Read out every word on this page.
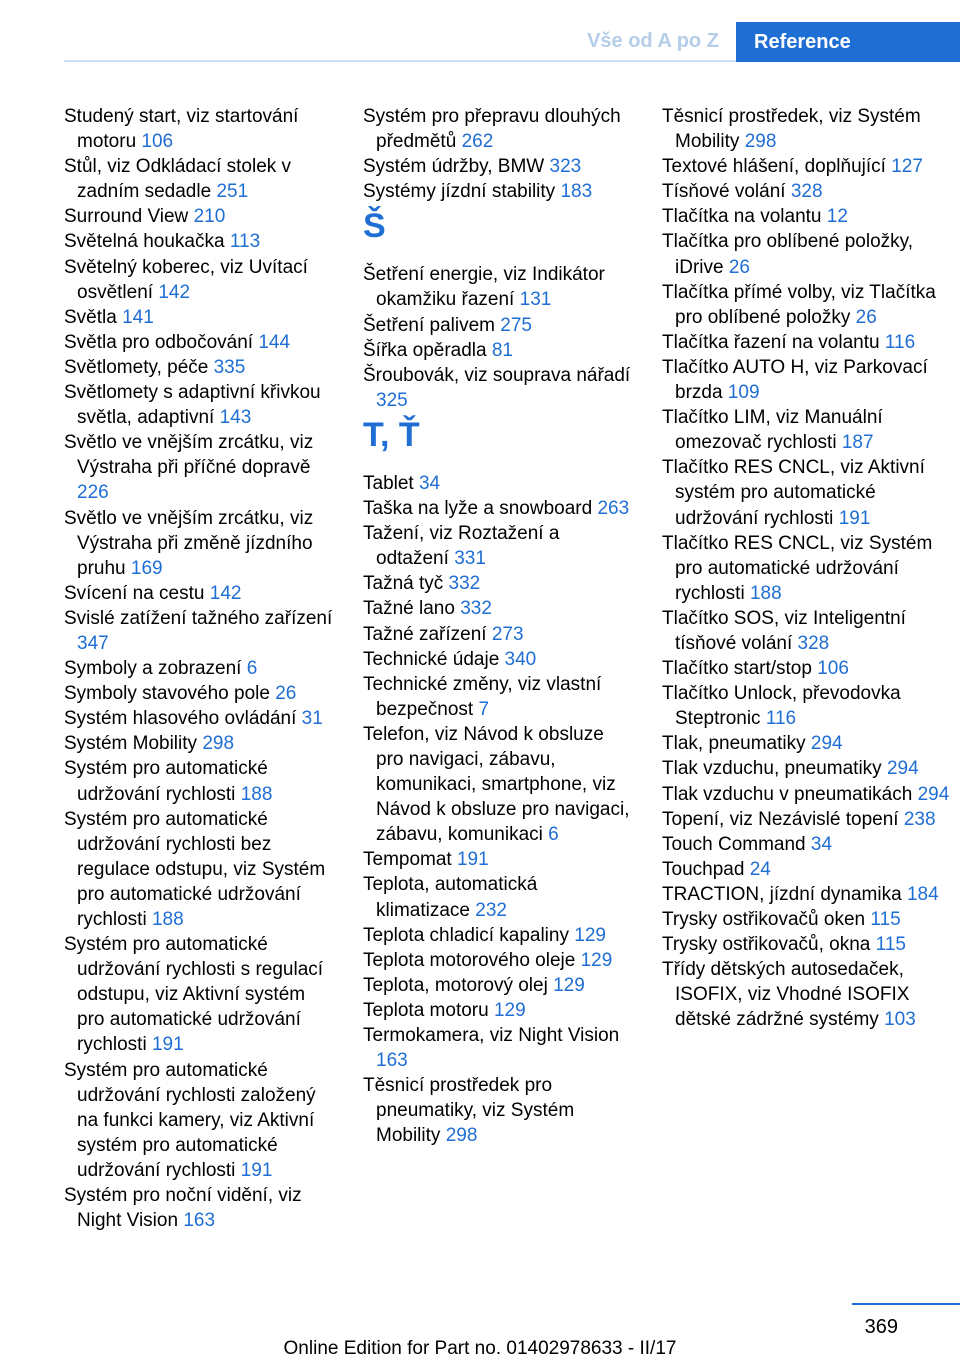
Vše od A po Z	Reference
Studený start, viz startování motoru 106
Stůl, viz Odkládací stolek v zadním sedadle 251
Surround View 210
Světelná houkačka 113
Světelný koberec, viz Uvítací osvětlení 142
Světla 141
Světla pro odbočování 144
Světlomety, péče 335
Světlomety s adaptivní křivkou světla, adaptivní 143
Světlo ve vnějším zrcátku, viz Výstraha při příčné dopravě 226
Světlo ve vnějším zrcátku, viz Výstraha při změně jízdního pruhu 169
Svícení na cestu 142
Svislé zatížení tažného zařízení 347
Symboly a zobrazení 6
Symboly stavového pole 26
Systém hlasového ovládání 31
Systém Mobility 298
Systém pro automatické udržování rychlosti 188
Systém pro automatické udržování rychlosti bez regulace odstupu, viz Systém pro automatické udržování rychlosti 188
Systém pro automatické udržování rychlosti s regulací odstupu, viz Aktivní systém pro automatické udržování rychlosti 191
Systém pro automatické udržování rychlosti založený na funkci kamery, viz Aktivní systém pro automatické udržování rychlosti 191
Systém pro noční vidění, viz Night Vision 163
Systém pro přepravu dlouhých předmětů 262
Systém údržby, BMW 323
Systémy jízdní stability 183
Š
Šetření energie, viz Indikátor okamžiku řazení 131
Šetření palivem 275
Šířka opěradla 81
Šroubovák, viz souprava nářadí 325
T, Ť
Tablet 34
Taška na lyže a snowboard 263
Tažení, viz Roztažení a odtažení 331
Tažná tyč 332
Tažné lano 332
Tažné zařízení 273
Technické údaje 340
Technické změny, viz vlastní bezpečnost 7
Telefon, viz Návod k obsluze pro navigaci, zábavu, komunikaci, smartphone, viz Návod k obsluze pro navigaci, zábavu, komunikaci 6
Tempomat 191
Teplota, automatická klimatizace 232
Teplota chladicí kapaliny 129
Teplota motorového oleje 129
Teplota, motorový olej 129
Teplota motoru 129
Termokamera, viz Night Vision 163
Těsnicí prostředek pro pneumatiky, viz Systém Mobility 298
Těsnicí prostředek, viz Systém Mobility 298
Textové hlášení, doplňující 127
Tísňové volání 328
Tlačítka na volantu 12
Tlačítka pro oblíbené položky, iDrive 26
Tlačítka přímé volby, viz Tlačítka pro oblíbené položky 26
Tlačítka řazení na volantu 116
Tlačítko AUTO H, viz Parkovací brzda 109
Tlačítko LIM, viz Manuální omezovač rychlosti 187
Tlačítko RES CNCL, viz Aktivní systém pro automatické udržování rychlosti 191
Tlačítko RES CNCL, viz Systém pro automatické udržování rychlosti 188
Tlačítko SOS, viz Inteligentní tísňové volání 328
Tlačítko start/stop 106
Tlačítko Unlock, převodovka Steptronic 116
Tlak, pneumatiky 294
Tlak vzduchu, pneumatiky 294
Tlak vzduchu v pneumatikách 294
Topení, viz Nezávislé topení 238
Touch Command 34
Touchpad 24
TRACTION, jízdní dynamika 184
Trysky ostřikovačů oken 115
Trysky ostřikovačů, okna 115
Třídy dětských autosedaček, ISOFIX, viz Vhodné ISOFIX dětské zádržné systémy 103
369
Online Edition for Part no. 01402978633 - II/17
